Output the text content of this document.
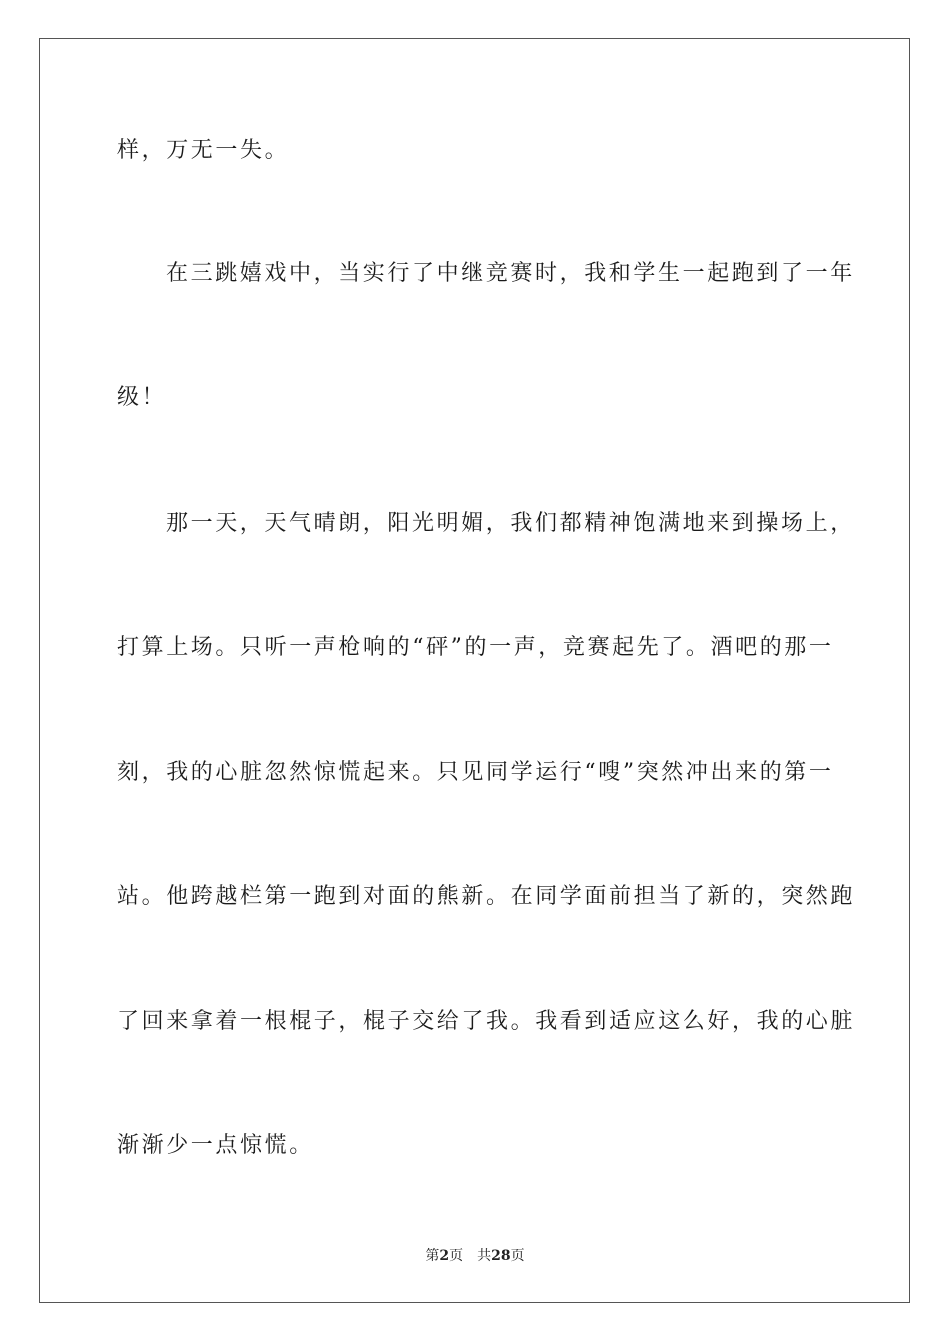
样，万无一失。
在三跳嬉戏中，当实行了中继竞赛时，我和学生一起跑到了一年
级！
那一天，天气晴朗，阳光明媚，我们都精神饱满地来到操场上，
打算上场。只听一声枪响的“砰”的一声，竞赛起先了。酒吧的那一
刻，我的心脏忽然惊慌起来。只见同学运行“嗖”突然冲出来的第一
站。他跨越栏第一跑到对面的熊新。在同学面前担当了新的，突然跑
了回来拿着一根棍子，棍子交给了我。我看到适应这么好，我的心脏
渐渐少一点惊慌。
第2页 共28页
